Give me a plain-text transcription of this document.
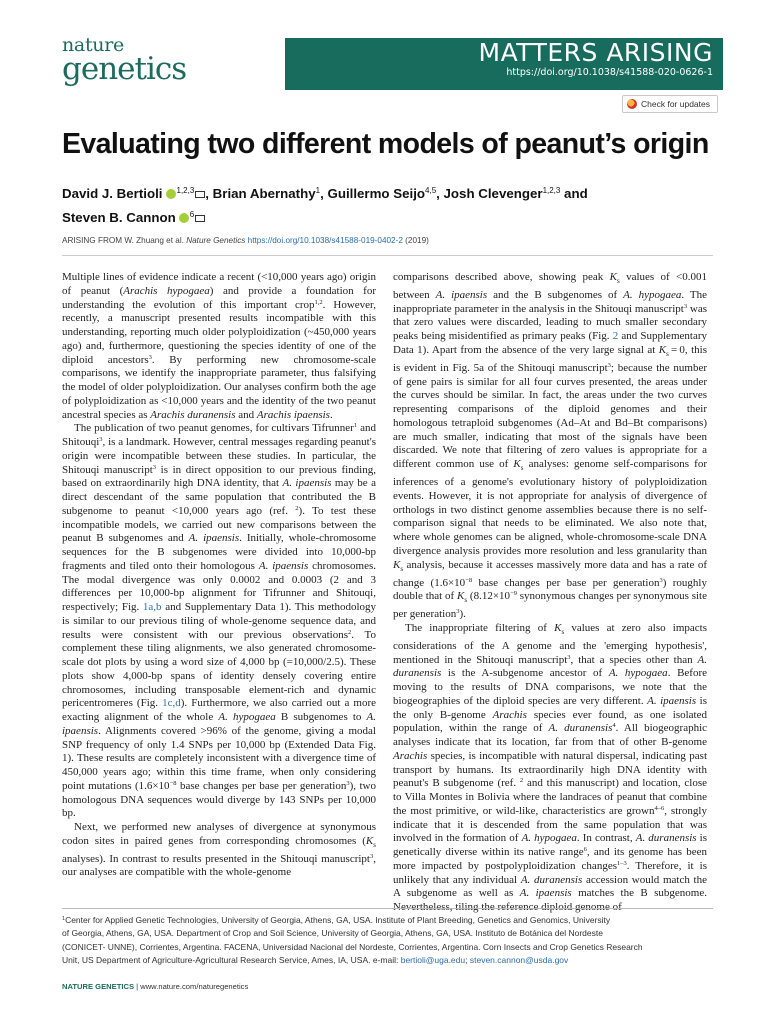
nature
genetics	MATTERS ARISING
https://doi.org/10.1038/s41588-020-0626-1
Check for updates
Evaluating two different models of peanut’s origin
David J. Bertioli $^{1,2,3}$ , Brian Abernathy$^1$, Guillermo Seijo$^{4,5}$, Josh Clevenger$^{1,2,3}$ and
Steven B. Cannon $^6$
ARISING FROM W. Zhuang et al. Nature Genetics https://doi.org/10.1038/s41588-019-0402-2 (2019)

Multiple lines of evidence indicate a recent (<10,000 years ago) origin of peanut (Arachis hypogaea) and provide a foundation for understanding the evolution of this important crop$^{1,2}$. However, recently, a manuscript presented results incompatible with this understanding, reporting much older polyploidization (~450,000 years ago) and, furthermore, questioning the species identity of one of the diploid ancestors$^3$. By performing new chromosome-scale comparisons, we identify the inappropriate parameter, thus falsifying the model of older polyploidization. Our analyses confirm both the age of polyploidization as <10,000 years and the identity of the two peanut ancestral species as Arachis duranensis and Arachis ipaensis.

The publication of two peanut genomes, for cultivars Tifrunner$^1$ and Shitouqi$^3$, is a landmark. However, central messages regarding peanut's origin were incompatible between these studies. In particular, the Shitouqi manuscript$^3$ is in direct opposition to our previous finding, based on extraordinarily high DNA identity, that A. ipaensis may be a direct descendant of the same population that contributed the B subgenome to peanut <10,000 years ago (ref. $^2$). To test these incompatible models, we carried out new comparisons between the peanut B subgenomes and A. ipaensis. Initially, whole-chromosome sequences for the B subgenomes were divided into 10,000-bp fragments and tiled onto their homologous A. ipaensis chromosomes. The modal divergence was only 0.0002 and 0.0003 (2 and 3 differences per 10,000-bp alignment for Tifrunner and Shitouqi, respectively; Fig. 1a,b and Supplementary Data 1). This methodology is similar to our previous tiling of whole-genome sequence data, and results were consistent with our previous observations$^2$. To complement these tiling alignments, we also generated chromosome-scale dot plots by using a word size of 4,000 bp (=10,000/2.5). These plots show 4,000-bp spans of identity densely covering entire chromosomes, including transposable element-rich and dynamic pericentromeres (Fig. 1c,d). Furthermore, we also carried out a more exacting alignment of the whole A. hypogaea B subgenomes to A. ipaensis. Alignments covered >96% of the genome, giving a modal SNP frequency of only 1.4 SNPs per 10,000 bp (Extended Data Fig. 1). These results are completely inconsistent with a divergence time of 450,000 years ago; within this time frame, when only considering point mutations ($1.6\times 10^{-8}$ base changes per base per generation$^3$), two homologous DNA sequences would diverge by 143 SNPs per 10,000 bp.

Next, we performed new analyses of divergence at synonymous codon sites in paired genes from corresponding chromosomes ($K_s$ analyses). In contrast to results presented in the Shitouqi manuscript$^3$, our analyses are compatible with the whole-genome

comparisons described above, showing peak $K_s$ values of <0.001 between A. ipaensis and the B subgenomes of A. hypogaea. The inappropriate parameter in the analysis in the Shitouqi manuscript$^3$ was that zero values were discarded, leading to much smaller secondary peaks being misidentified as primary peaks (Fig. 2 and Supplementary Data 1). Apart from the absence of the very large signal at $K_s = 0$, this is evident in Fig. 5a of the Shitouqi manuscript$^3$; because the number of gene pairs is similar for all four curves presented, the areas under the curves should be similar. In fact, the areas under the two curves representing comparisons of the diploid genomes and their homologous tetraploid subgenomes (Ad–At and Bd–Bt comparisons) are much smaller, indicating that most of the signals have been discarded. We note that filtering of zero values is appropriate for a different common use of $K_s$ analyses: genome self-comparisons for inferences of a genome's evolutionary history of polyploidization events. However, it is not appropriate for analysis of divergence of orthologs in two distinct genome assemblies because there is no self-comparison signal that needs to be eliminated. We also note that, where whole genomes can be aligned, whole-chromosome-scale DNA divergence analysis provides more resolution and less granularity than $K_s$ analysis, because it accesses massively more data and has a rate of change ($1.6\times 10^{-8}$ base changes per base per generation$^3$) roughly double that of $K_s$ ($8.12\times 10^{-9}$ synonymous changes per synonymous site per generation$^3$).

The inappropriate filtering of $K_s$ values at zero also impacts considerations of the A genome and the 'emerging hypothesis', mentioned in the Shitouqi manuscript$^3$, that a species other than A. duranensis is the A-subgenome ancestor of A. hypogaea. Before moving to the results of DNA comparisons, we note that the biogeographies of the diploid species are very different. A. ipaensis is the only B-genome Arachis species ever found, as one isolated population, within the range of A. duranensis$^4$. All biogeographic analyses indicate that its location, far from that of other B-genome Arachis species, is incompatible with natural dispersal, indicating past transport by humans. Its extraordinarily high DNA identity with peanut's B subgenome (ref. $^2$ and this manuscript) and location, close to Villa Montes in Bolivia where the landraces of peanut that combine the most primitive, or wild-like, characteristics are grown$^{4-6}$, strongly indicate that it is descended from the same population that was involved in the formation of A. hypogaea. In contrast, A. duranensis is genetically diverse within its native range$^6$, and its genome has been more impacted by postpolyploidization changes$^{1-3}$. Therefore, it is unlikely that any individual A. duranensis accession would match the A subgenome as well as A. ipaensis matches the B subgenome. Nevertheless, tiling the reference diploid genome of

$^1$Center for Applied Genetic Technologies, University of Georgia, Athens, GA, USA. Institute of Plant Breeding, Genetics and Genomics, University
of Georgia, Athens, GA, USA. Department of Crop and Soil Science, University of Georgia, Athens, GA, USA. Instituto de Botánica del Nordeste
(CONICET- UNNE), Corrientes, Argentina. FACENA, Universidad Nacional del Nordeste, Corrientes, Argentina. Corn Insects and Crop Genetics Research
Unit, US Department of Agriculture-Agricultural Research Service, Ames, IA, USA. e-mail: bertioli@uga.edu; steven.cannon@usda.gov
NATURE GENETICS | www.nature.com/naturegenetics
